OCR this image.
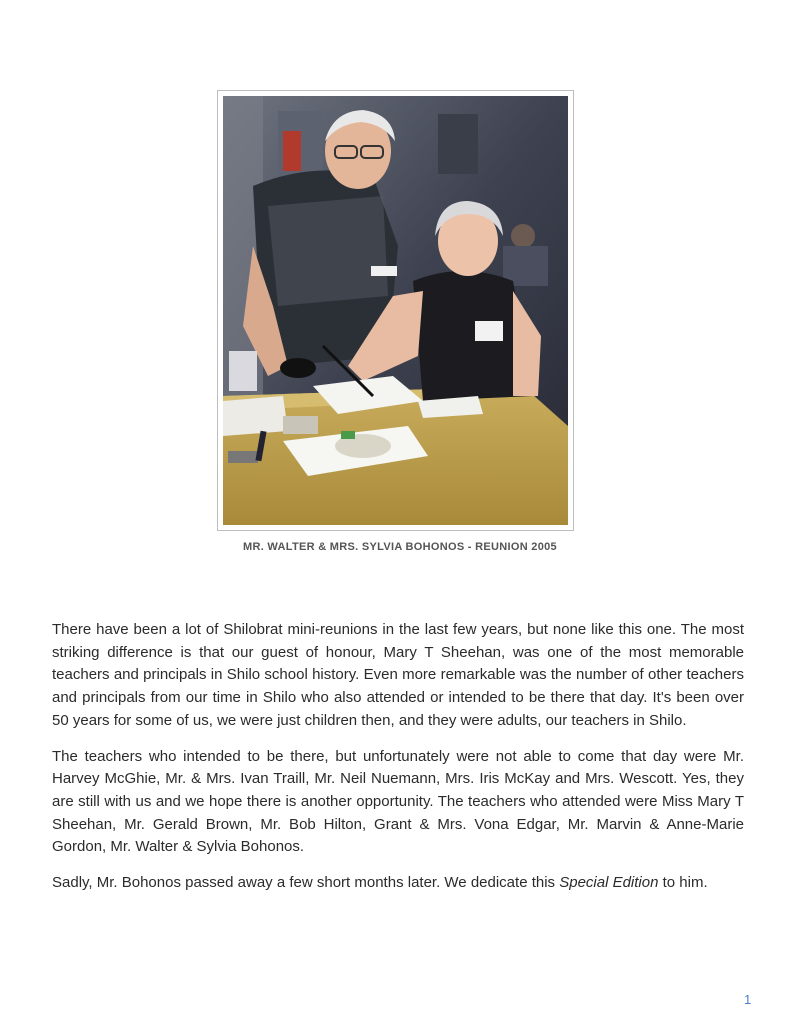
MR. WALTER & MRS. SYLVIA BOHONOS - REUNION 2005

There have been a lot of Shilobrat mini-reunions in the last few years, but none like this one. The most striking difference is that our guest of honour, Mary T Sheehan, was one of the most memorable teachers and principals in Shilo school history. Even more remarkable was the number of other teachers and principals from our time in Shilo who also attended or intended to be there that day. It's been over 50 years for some of us, we were just children then, and they were adults, our teachers in Shilo.

The teachers who intended to be there, but unfortunately were not able to come that day were Mr. Harvey McGhie, Mr. & Mrs. Ivan Traill, Mr. Neil Nuemann, Mrs. Iris McKay and Mrs. Wescott. Yes, they are still with us and we hope there is another opportunity. The teachers who attended were Miss Mary T Sheehan, Mr. Gerald Brown, Mr. Bob Hilton, Grant & Mrs. Vona Edgar, Mr. Marvin & Anne-Marie Gordon, Mr. Walter & Sylvia Bohonos.

Sadly, Mr. Bohonos passed away a few short months later. We dedicate this Special Edition to him.

1
